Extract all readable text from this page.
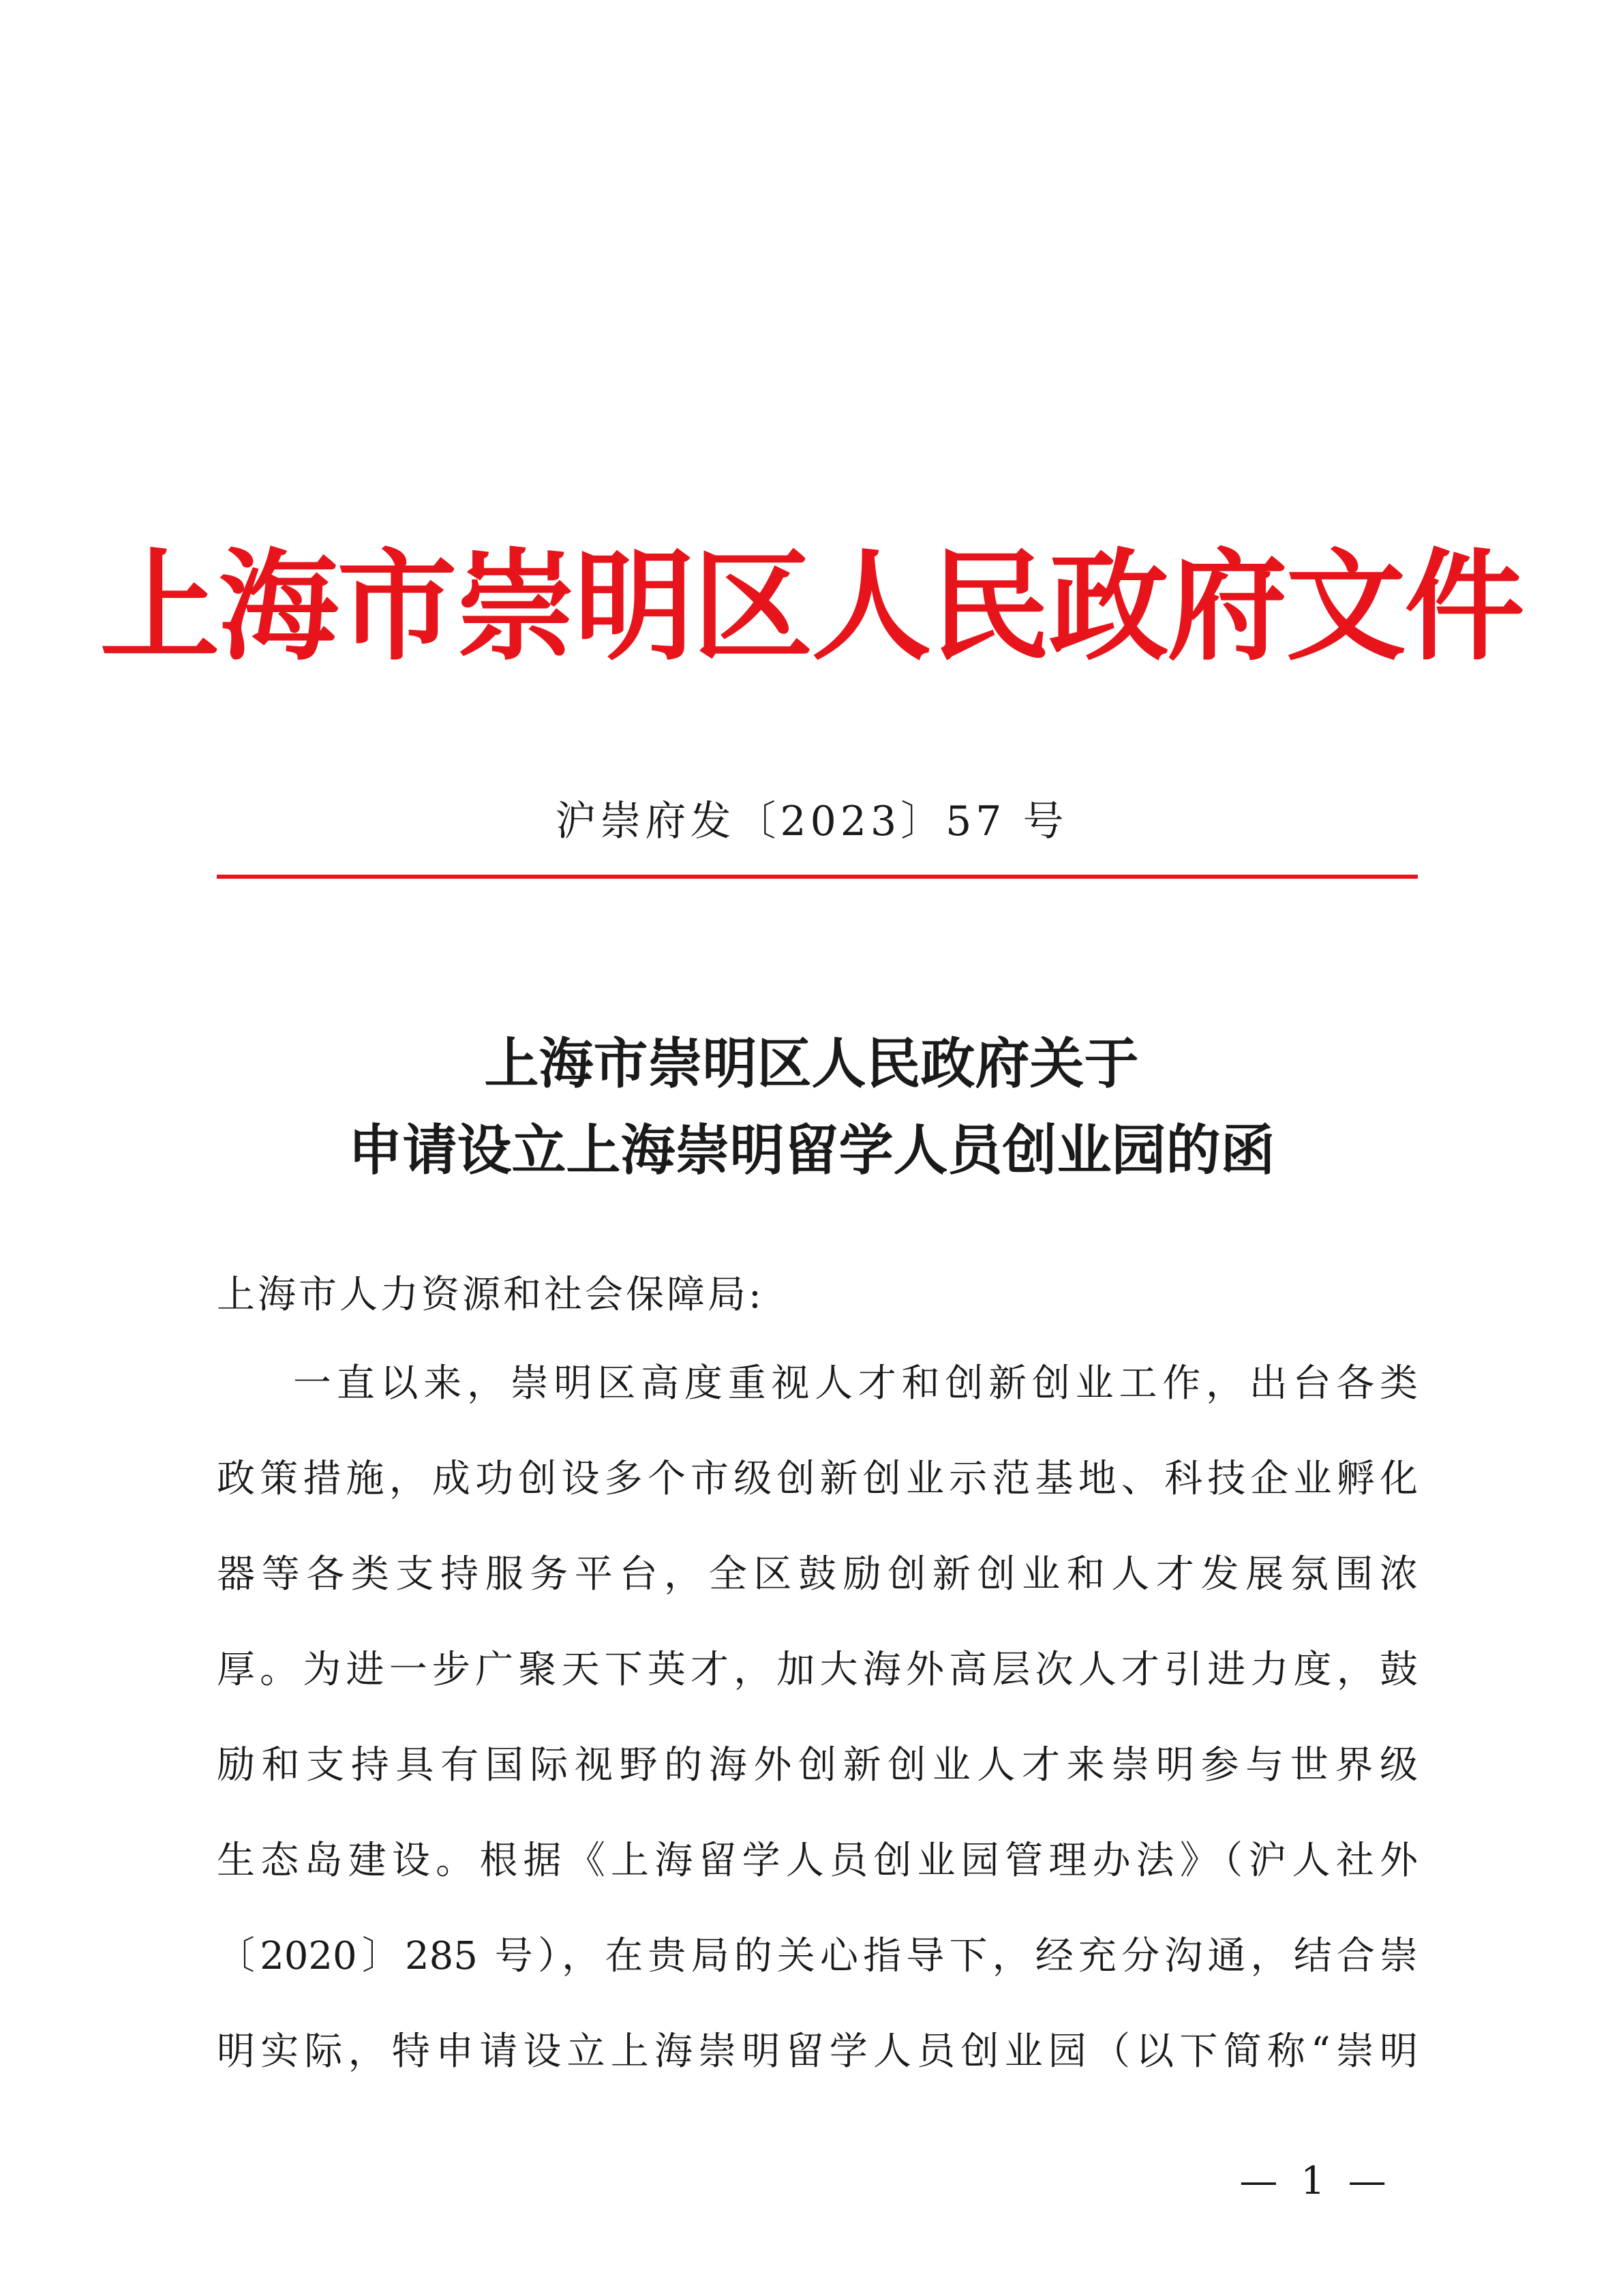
上海市崇明区人民政府文件
沪崇府发〔2023〕57 号
上海市崇明区人民政府关于
申请设立上海崇明留学人员创业园的函
上海市人力资源和社会保障局:
一直以来，崇明区高度重视人才和创新创业工作，出台各类
政策措施，成功创设多个市级创新创业示范基地、科技企业孵化
器等各类支持服务平台，全区鼓励创新创业和人才发展氛围浓
厚。为进一步广聚天下英才，加大海外高层次人才引进力度，鼓
励和支持具有国际视野的海外创新创业人才来崇明参与世界级
生态岛建设。根据《上海留学人员创业园管理办法》（沪人社外
〔2020〕285 号），在贵局的关心指导下，经充分沟通，结合崇
明实际，特申请设立上海崇明留学人员创业园（以下简称“崇明
— 1 —
